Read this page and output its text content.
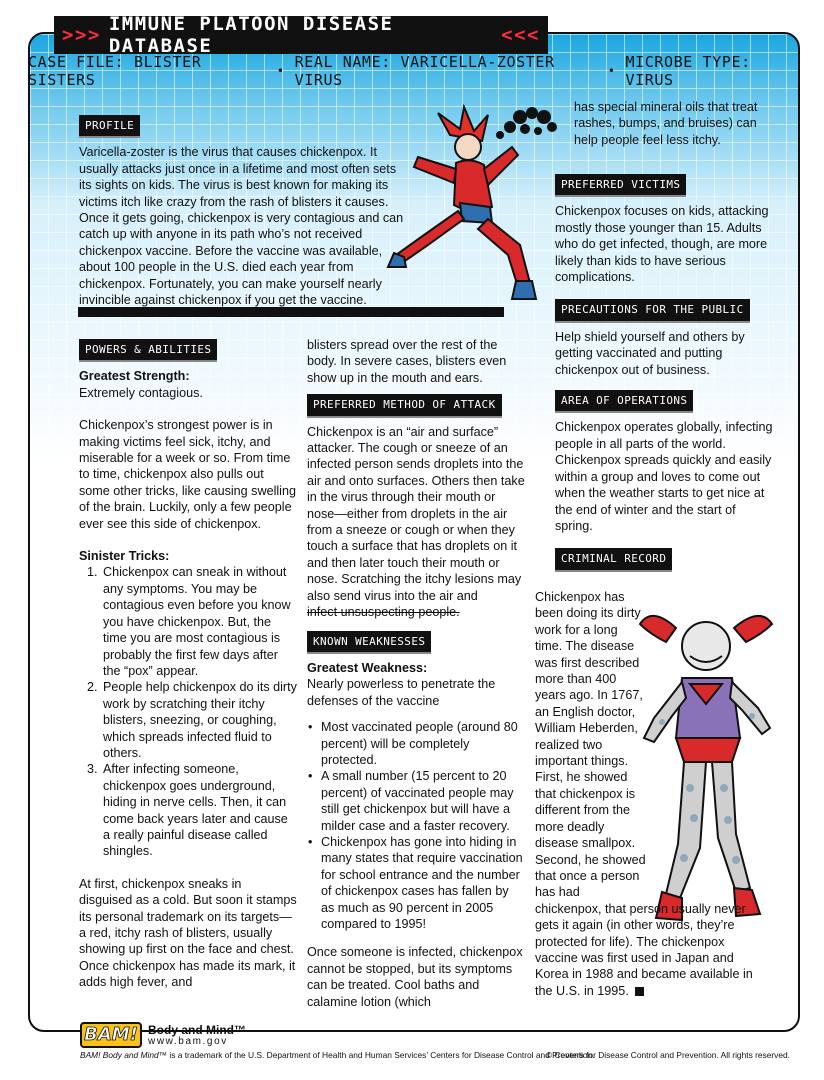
>>> IMMUNE PLATOON DISEASE DATABASE	<<<
CASE FILE: BLISTER SISTERS	• REAL NAME: VARICELLA-ZOSTER VIRUS	• MICROBE TYPE: VIRUS
PROFILE

Varicella-zoster is the virus that causes chickenpox. It usually attacks just once in a lifetime and most often sets its sights on kids. The virus is best known for making its victims itch like crazy from the rash of blisters it causes. Once it gets going, chickenpox is very contagious and can catch up with anyone in its path who’s not received chickenpox vaccine. Before the vaccine was available, about 100 people in the U.S. died each year from chickenpox. Fortunately, you can make yourself nearly invincible against chickenpox if you get the vaccine.

POWERS & ABILITIES
Greatest Strength:

Extremely contagious.

Chickenpox’s strongest power is in making victims feel sick, itchy, and miserable for a week or so. From time to time, chickenpox also pulls out some other tricks, like causing swelling of the brain. Luckily, only a few people ever see this side of chickenpox.

Sinister Tricks:
1. Chickenpox can sneak in without any symptoms. You may be contagious even before you know you have chickenpox. But, the time you are most contagious is probably the first few days after the “pox” appear.
2. People help chickenpox do its dirty work by scratching their itchy blisters, sneezing, or coughing, which spreads infected fluid to others.
3. After infecting someone, chickenpox goes underground, hiding in nerve cells. Then, it can come back years later and cause a really painful disease called shingles.

At first, chickenpox sneaks in disguised as a cold. But soon it stamps its personal trademark on its targets—a red, itchy rash of blisters, usually showing up first on the face and chest. Once chickenpox has made its mark, it adds high fever, and

blisters spread over the rest of the body. In severe cases, blisters even show up in the mouth and ears.

PREFERRED METHOD OF ATTACK

Chickenpox is an “air and surface” attacker. The cough or sneeze of an infected person sends droplets into the air and onto surfaces. Others then take in the virus through their mouth or nose—either from droplets in the air from a sneeze or cough or when they touch a surface that has droplets on it and then later touch their mouth or nose. Scratching the itchy lesions may also send virus into the air and

infect unsuspecting people.

KNOWN WEAKNESSES
Greatest Weakness:

Nearly powerless to penetrate the defenses of the vaccine

• Most vaccinated people (around 80 percent) will be completely protected.
• A small number (15 percent to 20 percent) of vaccinated people may still get chickenpox but will have a milder case and a faster recovery.
• Chickenpox has gone into hiding in many states that require vaccination for school entrance and the number of chickenpox cases has fallen by as much as 90 percent in 2005 compared to 1995!

Once someone is infected, chickenpox cannot be stopped, but its symptoms can be treated. Cool baths and calamine lotion (which

has special mineral oils that treat rashes, bumps, and bruises) can help people feel less itchy.

PREFERRED VICTIMS

Chickenpox focuses on kids, attacking mostly those younger than 15. Adults who do get infected, though, are more likely than kids to have serious complications.

PRECAUTIONS FOR THE PUBLIC

Help shield yourself and others by getting vaccinated and putting chickenpox out of business.

AREA OF OPERATIONS

Chickenpox operates globally, infecting people in all parts of the world. Chickenpox spreads quickly and easily within a group and loves to come out when the weather starts to get nice at the end of winter and the start of spring.

CRIMINAL RECORD

Chickenpox has been doing its dirty work for a long time. The disease was first described more than 400 years ago. In 1767, an English doctor, William Heberden, realized two important things. First, he showed that chickenpox is different from the more deadly disease smallpox. Second, he showed that once a person has had chickenpox, that person usually never gets it again (in other words, they’re protected for life). The chickenpox vaccine was first used in Japan and Korea in 1988 and became available in the U.S. in 1995.

BAM! Body and Mind™
www.bam.gov
BAM! Body and Mind™ is a trademark of the U.S. Department of Health and Human Services’ Centers for Disease Control and Prevention.
© Centers for Disease Control and Prevention. All rights reserved.
